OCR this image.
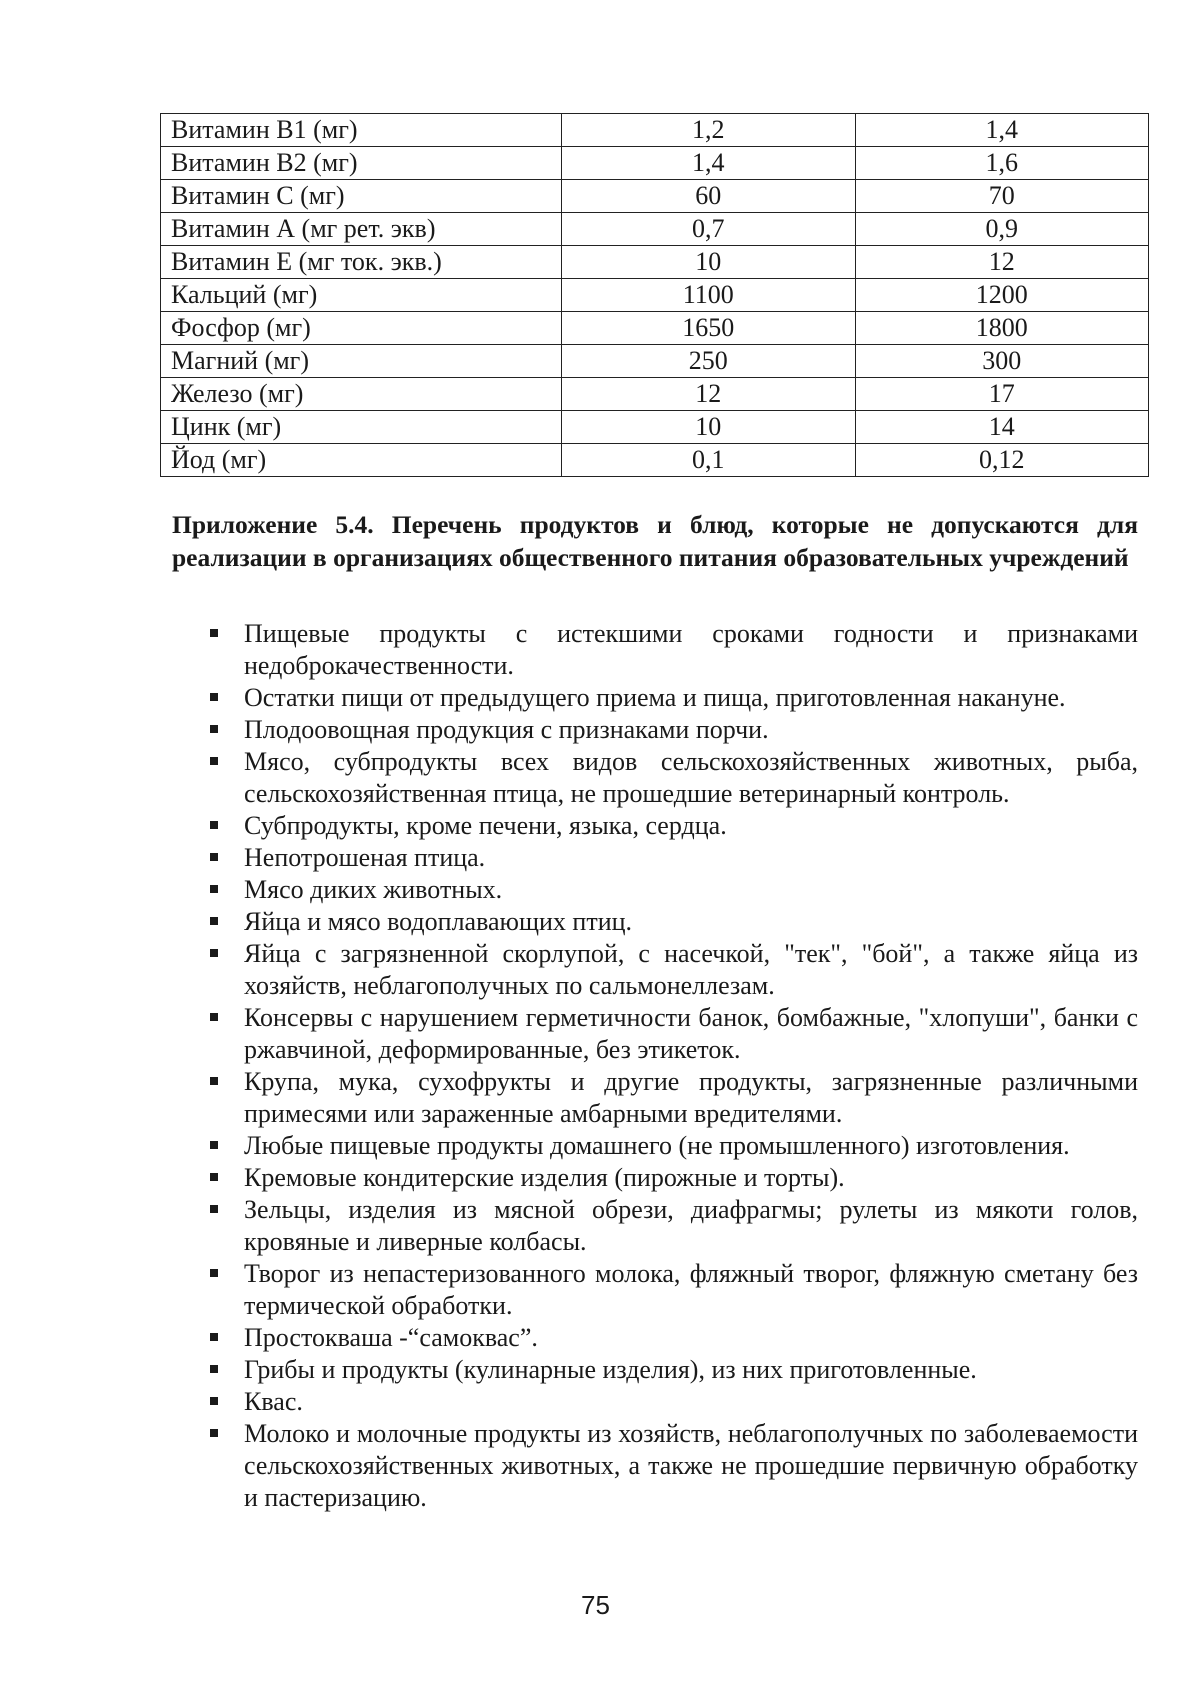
Витамин В1 (мг)	1,2	1,4
Витамин В2 (мг)	1,4	1,6
Витамин С (мг)	60	70
Витамин А (мг рет. экв)	0,7	0,9
Витамин Е (мг ток. экв.)	10	12
Кальций (мг)	1100	1200
Фосфор (мг)	1650	1800
Магний (мг)	250	300
Железо (мг)	12	17
Цинк (мг)	10	14
Йод (мг)	0,1	0,12

Приложение 5.4. Перечень продуктов и блюд, которые не допускаются для реализации в организациях общественного питания образовательных учреждений

Пищевые продукты с истекшими сроками годности и признаками недоброкачественности.
Остатки пищи от предыдущего приема и пища, приготовленная накануне.
Плодоовощная продукция с признаками порчи.
Мясо, субпродукты всех видов сельскохозяйственных животных, рыба, сельскохозяйственная птица, не прошедшие ветеринарный контроль.
Субпродукты, кроме печени, языка, сердца.
Непотрошеная птица.
Мясо диких животных.
Яйца и мясо водоплавающих птиц.
Яйца с загрязненной скорлупой, с насечкой, "тек", "бой", а также яйца из хозяйств, неблагополучных по сальмонеллезам.
Консервы с нарушением герметичности банок, бомбажные, "хлопуши", банки с ржавчиной, деформированные, без этикеток.
Крупа, мука, сухофрукты и другие продукты, загрязненные различными примесями или зараженные амбарными вредителями.
Любые пищевые продукты домашнего (не промышленного) изготовления.
Кремовые кондитерские изделия (пирожные и торты).
Зельцы, изделия из мясной обрези, диафрагмы; рулеты из мякоти голов, кровяные и ливерные колбасы.
Творог из непастеризованного молока, фляжный творог, фляжную сметану без термической обработки.
Простокваша -“самоквас”.
Грибы и продукты (кулинарные изделия), из них приготовленные.
Квас.
Молоко и молочные продукты из хозяйств, неблагополучных по заболеваемости сельскохозяйственных животных, а также не прошедшие первичную обработку и пастеризацию.
75
